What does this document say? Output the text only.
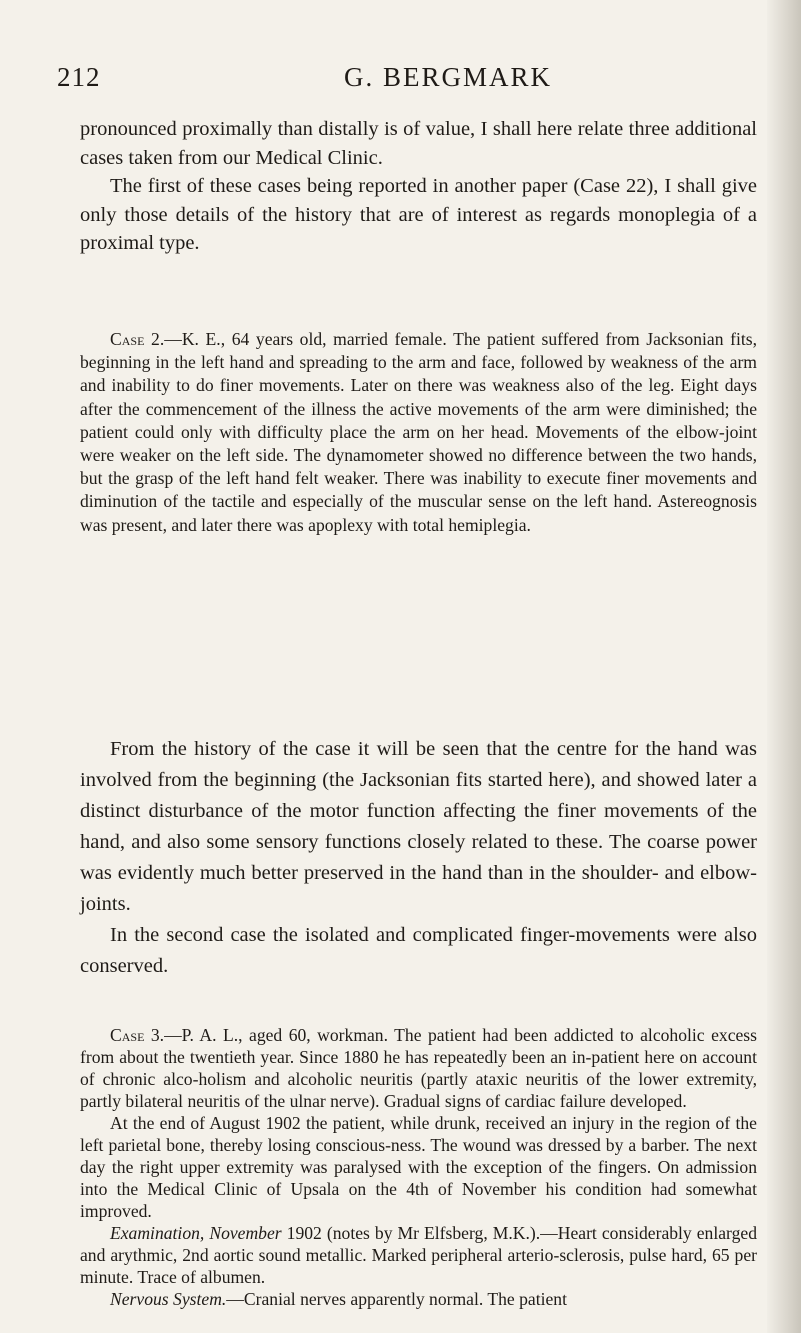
212	G. BERGMARK

pronounced proximally than distally is of value, I shall here relate three additional cases taken from our Medical Clinic.

The first of these cases being reported in another paper (Case 22), I shall give only those details of the history that are of interest as regards monoplegia of a proximal type.

Case 2.—K. E., 64 years old, married female. The patient suffered from Jacksonian fits, beginning in the left hand and spreading to the arm and face, followed by weakness of the arm and inability to do finer movements. Later on there was weakness also of the leg. Eight days after the commencement of the illness the active movements of the arm were diminished; the patient could only with difficulty place the arm on her head. Movements of the elbow-joint were weaker on the left side. The dynamometer showed no difference between the two hands, but the grasp of the left hand felt weaker. There was inability to execute finer movements and diminution of the tactile and especially of the muscular sense on the left hand. Astereognosis was present, and later there was apoplexy with total hemiplegia.

From the history of the case it will be seen that the centre for the hand was involved from the beginning (the Jacksonian fits started here), and showed later a distinct disturbance of the motor function affecting the finer movements of the hand, and also some sensory functions closely related to these. The coarse power was evidently much better preserved in the hand than in the shoulder- and elbow-joints.

In the second case the isolated and complicated finger-movements were also conserved.

Case 3.—P. A. L., aged 60, workman. The patient had been addicted to alcoholic excess from about the twentieth year. Since 1880 he has repeatedly been an in-patient here on account of chronic alco-holism and alcoholic neuritis (partly ataxic neuritis of the lower extremity, partly bilateral neuritis of the ulnar nerve). Gradual signs of cardiac failure developed.

At the end of August 1902 the patient, while drunk, received an injury in the region of the left parietal bone, thereby losing conscious-ness. The wound was dressed by a barber. The next day the right upper extremity was paralysed with the exception of the fingers. On admission into the Medical Clinic of Upsala on the 4th of November his condition had somewhat improved.

Examination, November 1902 (notes by Mr Elfsberg, M.K.).—Heart considerably enlarged and arythmic, 2nd aortic sound metallic. Marked peripheral arterio-sclerosis, pulse hard, 65 per minute. Trace of albumen.

Nervous System.—Cranial nerves apparently normal. The patient
